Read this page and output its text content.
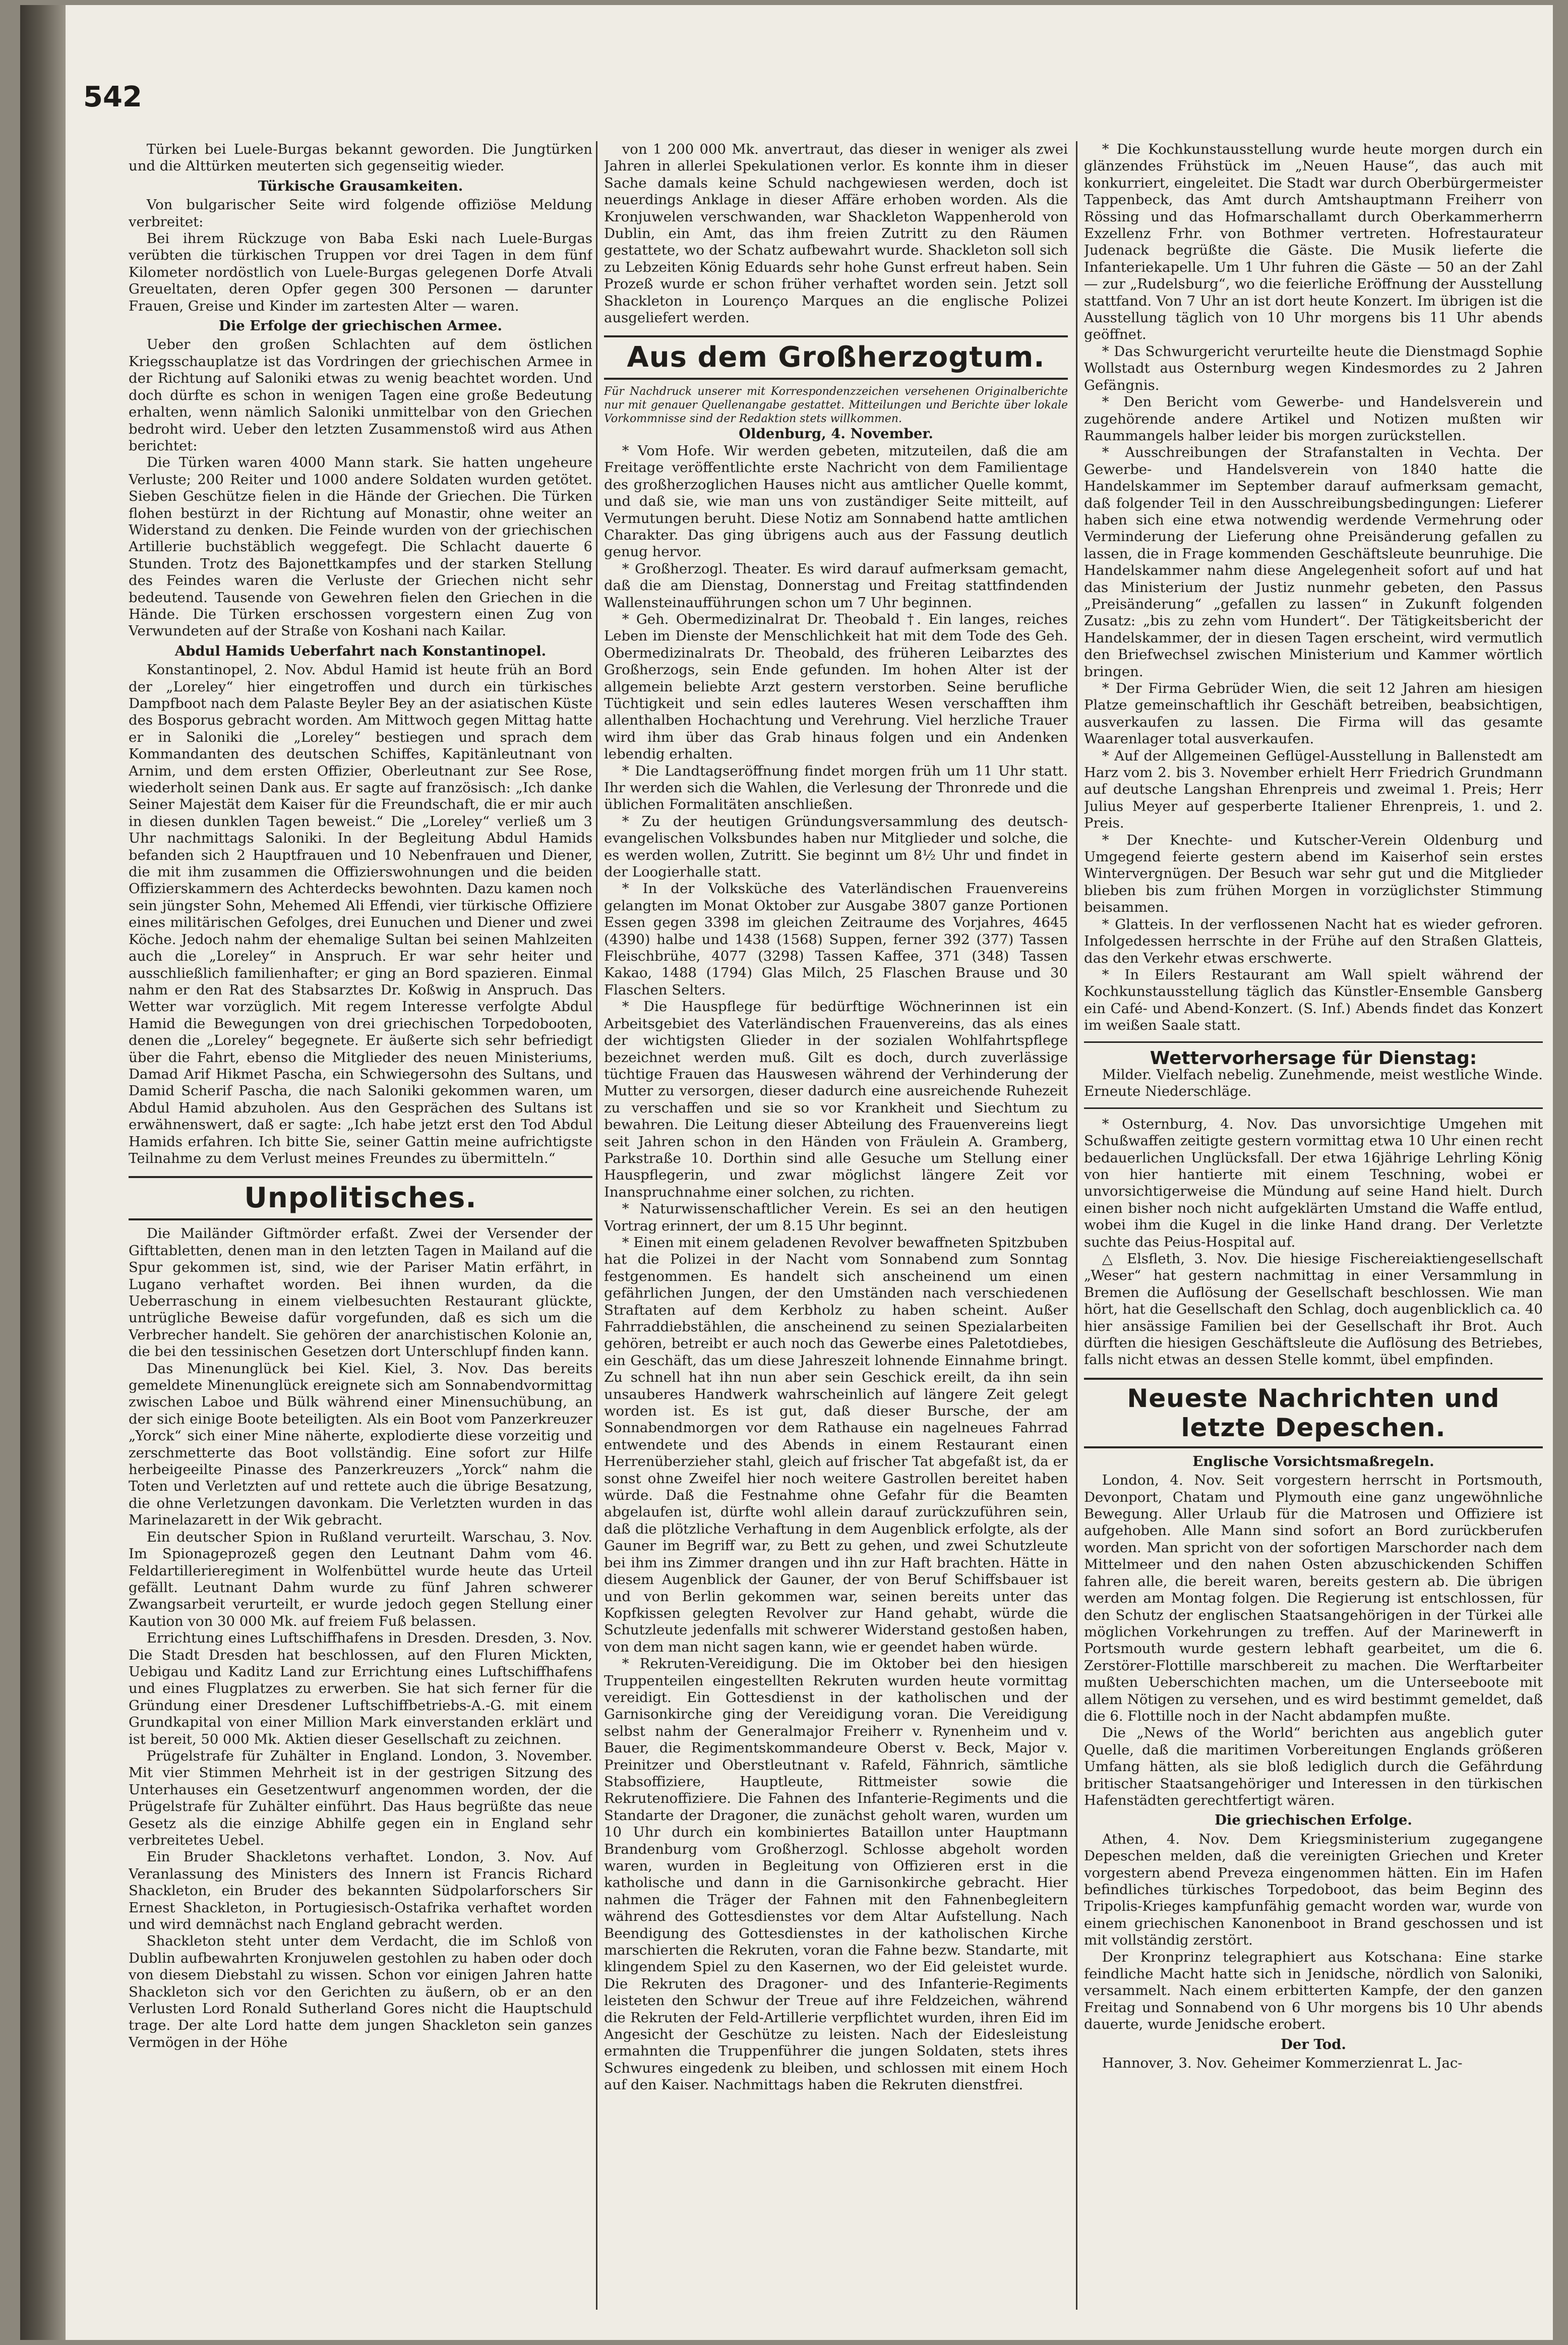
542

Türken bei Luele-Burgas bekannt geworden. Die Jungtürken und die Alttürken meuterten sich gegenseitig wieder.

Türkische Grausamkeiten.

Von bulgarischer Seite wird folgende offiziöse Meldung verbreitet:

Bei ihrem Rückzuge von Baba Eski nach Luele-Burgas verübten die türkischen Truppen vor drei Tagen in dem fünf Kilometer nordöstlich von Luele-Burgas gelegenen Dorfe Atvali Greueltaten, deren Opfer gegen 300 Personen — darunter Frauen, Greise und Kinder im zartesten Alter — waren.

Die Erfolge der griechischen Armee.

Ueber den großen Schlachten auf dem östlichen Kriegsschauplatze ist das Vordringen der griechischen Armee in der Richtung auf Saloniki etwas zu wenig beachtet worden. Und doch dürfte es schon in wenigen Tagen eine große Bedeutung erhalten, wenn nämlich Saloniki unmittelbar von den Griechen bedroht wird. Ueber den letzten Zusammenstoß wird aus Athen berichtet:

Die Türken waren 4000 Mann stark. Sie hatten ungeheure Verluste; 200 Reiter und 1000 andere Soldaten wurden getötet. Sieben Geschütze fielen in die Hände der Griechen. Die Türken flohen bestürzt in der Richtung auf Monastir, ohne weiter an Widerstand zu denken. Die Feinde wurden von der griechischen Artillerie buchstäblich weggefegt. Die Schlacht dauerte 6 Stunden. Trotz des Bajonettkampfes und der starken Stellung des Feindes waren die Verluste der Griechen nicht sehr bedeutend. Tausende von Gewehren fielen den Griechen in die Hände. Die Türken erschossen vorgestern einen Zug von Verwundeten auf der Straße von Koshani nach Kailar.

Abdul Hamids Ueberfahrt nach Konstantinopel.

Konstantinopel, 2. Nov. Abdul Hamid ist heute früh an Bord der „Loreley“ hier eingetroffen und durch ein türkisches Dampfboot nach dem Palaste Beyler Bey an der asiatischen Küste des Bosporus gebracht worden. Am Mittwoch gegen Mittag hatte er in Saloniki die „Loreley“ bestiegen und sprach dem Kommandanten des deutschen Schiffes, Kapitänleutnant von Arnim, und dem ersten Offizier, Oberleutnant zur See Rose, wiederholt seinen Dank aus. Er sagte auf französisch: „Ich danke Seiner Majestät dem Kaiser für die Freundschaft, die er mir auch in diesen dunklen Tagen beweist.“ Die „Loreley“ verließ um 3 Uhr nachmittags Saloniki. In der Begleitung Abdul Hamids befanden sich 2 Hauptfrauen und 10 Nebenfrauen und Diener, die mit ihm zusammen die Offizierswohnungen und die beiden Offizierskammern des Achterdecks bewohnten. Dazu kamen noch sein jüngster Sohn, Mehemed Ali Effendi, vier türkische Offiziere eines militärischen Gefolges, drei Eunuchen und Diener und zwei Köche. Jedoch nahm der ehemalige Sultan bei seinen Mahlzeiten auch die „Loreley“ in Anspruch. Er war sehr heiter und ausschließlich familienhafter; er ging an Bord spazieren. Einmal nahm er den Rat des Stabsarztes Dr. Koßwig in Anspruch. Das Wetter war vorzüglich. Mit regem Interesse verfolgte Abdul Hamid die Bewegungen von drei griechischen Torpedobooten, denen die „Loreley“ begegnete. Er äußerte sich sehr befriedigt über die Fahrt, ebenso die Mitglieder des neuen Ministeriums, Damad Arif Hikmet Pascha, ein Schwiegersohn des Sultans, und Damid Scherif Pascha, die nach Saloniki gekommen waren, um Abdul Hamid abzuholen. Aus den Gesprächen des Sultans ist erwähnenswert, daß er sagte: „Ich habe jetzt erst den Tod Abdul Hamids erfahren. Ich bitte Sie, seiner Gattin meine aufrichtigste Teilnahme zu dem Verlust meines Freundes zu übermitteln.“

Unpolitisches.

Die Mailänder Giftmörder erfaßt. Zwei der Versender der Gifttabletten, denen man in den letzten Tagen in Mailand auf die Spur gekommen ist, sind, wie der Pariser Matin erfährt, in Lugano verhaftet worden. Bei ihnen wurden, da die Ueberraschung in einem vielbesuchten Restaurant glückte, untrügliche Beweise dafür vorgefunden, daß es sich um die Verbrecher handelt. Sie gehören der anarchistischen Kolonie an, die bei den tessinischen Gesetzen dort Unterschlupf finden kann.

Das Minenunglück bei Kiel. Kiel, 3. Nov. Das bereits gemeldete Minenunglück ereignete sich am Sonnabendvormittag zwischen Laboe und Bülk während einer Minensuchübung, an der sich einige Boote beteiligten. Als ein Boot vom Panzerkreuzer „Yorck“ sich einer Mine näherte, explodierte diese vorzeitig und zerschmetterte das Boot vollständig. Eine sofort zur Hilfe herbeigeeilte Pinasse des Panzerkreuzers „Yorck“ nahm die Toten und Verletzten auf und rettete auch die übrige Besatzung, die ohne Verletzungen davonkam. Die Verletzten wurden in das Marinelazarett in der Wik gebracht.

Ein deutscher Spion in Rußland verurteilt. Warschau, 3. Nov. Im Spionageprozeß gegen den Leutnant Dahm vom 46. Feldartillerieregiment in Wolfenbüttel wurde heute das Urteil gefällt. Leutnant Dahm wurde zu fünf Jahren schwerer Zwangsarbeit verurteilt, er wurde jedoch gegen Stellung einer Kaution von 30 000 Mk. auf freiem Fuß belassen.

Errichtung eines Luftschiffhafens in Dresden. Dresden, 3. Nov. Die Stadt Dresden hat beschlossen, auf den Fluren Mickten, Uebigau und Kaditz Land zur Errichtung eines Luftschiffhafens und eines Flugplatzes zu erwerben. Sie hat sich ferner für die Gründung einer Dresdener Luftschiffbetriebs-A.-G. mit einem Grundkapital von einer Million Mark einverstanden erklärt und ist bereit, 50 000 Mk. Aktien dieser Gesellschaft zu zeichnen.

Prügelstrafe für Zuhälter in England. London, 3. November. Mit vier Stimmen Mehrheit ist in der gestrigen Sitzung des Unterhauses ein Gesetzentwurf angenommen worden, der die Prügelstrafe für Zuhälter einführt. Das Haus begrüßte das neue Gesetz als die einzige Abhilfe gegen ein in England sehr verbreitetes Uebel.

Ein Bruder Shackletons verhaftet. London, 3. Nov. Auf Veranlassung des Ministers des Innern ist Francis Richard Shackleton, ein Bruder des bekannten Südpolarforschers Sir Ernest Shackleton, in Portugiesisch-Ostafrika verhaftet worden und wird demnächst nach England gebracht werden.

Shackleton steht unter dem Verdacht, die im Schloß von Dublin aufbewahrten Kronjuwelen gestohlen zu haben oder doch von diesem Diebstahl zu wissen. Schon vor einigen Jahren hatte Shackleton sich vor den Gerichten zu äußern, ob er an den Verlusten Lord Ronald Sutherland Gores nicht die Hauptschuld trage. Der alte Lord hatte dem jungen Shackleton sein ganzes Vermögen in der Höhe

von 1 200 000 Mk. anvertraut, das dieser in weniger als zwei Jahren in allerlei Spekulationen verlor. Es konnte ihm in dieser Sache damals keine Schuld nachgewiesen werden, doch ist neuerdings Anklage in dieser Affäre erhoben worden. Als die Kronjuwelen verschwanden, war Shackleton Wappenherold von Dublin, ein Amt, das ihm freien Zutritt zu den Räumen gestattete, wo der Schatz aufbewahrt wurde. Shackleton soll sich zu Lebzeiten König Eduards sehr hohe Gunst erfreut haben. Sein Prozeß wurde er schon früher verhaftet worden sein. Jetzt soll Shackleton in Lourenço Marques an die englische Polizei ausgeliefert werden.

Aus dem Großherzogtum.

Für Nachdruck unserer mit Korrespondenzzeichen versehenen Originalberichte nur mit genauer Quellenangabe gestattet. Mitteilungen und Berichte über lokale Vorkommnisse sind der Redaktion stets willkommen.

Oldenburg, 4. November.

* Vom Hofe. Wir werden gebeten, mitzuteilen, daß die am Freitage veröffentlichte erste Nachricht von dem Familientage des großherzoglichen Hauses nicht aus amtlicher Quelle kommt, und daß sie, wie man uns von zuständiger Seite mitteilt, auf Vermutungen beruht. Diese Notiz am Sonnabend hatte amtlichen Charakter. Das ging übrigens auch aus der Fassung deutlich genug hervor.

* Großherzogl. Theater. Es wird darauf aufmerksam gemacht, daß die am Dienstag, Donnerstag und Freitag stattfindenden Wallensteinaufführungen schon um 7 Uhr beginnen.

* Geh. Obermedizinalrat Dr. Theobald †. Ein langes, reiches Leben im Dienste der Menschlichkeit hat mit dem Tode des Geh. Obermedizinalrats Dr. Theobald, des früheren Leibarztes des Großherzogs, sein Ende gefunden. Im hohen Alter ist der allgemein beliebte Arzt gestern verstorben. Seine berufliche Tüchtigkeit und sein edles lauteres Wesen verschafften ihm allenthalben Hochachtung und Verehrung. Viel herzliche Trauer wird ihm über das Grab hinaus folgen und ein Andenken lebendig erhalten.

* Die Landtagseröffnung findet morgen früh um 11 Uhr statt. Ihr werden sich die Wahlen, die Verlesung der Thronrede und die üblichen Formalitäten anschließen.

* Zu der heutigen Gründungsversammlung des deutsch-evangelischen Volksbundes haben nur Mitglieder und solche, die es werden wollen, Zutritt. Sie beginnt um 8½ Uhr und findet in der Loogierhalle statt.

* In der Volksküche des Vaterländischen Frauenvereins gelangten im Monat Oktober zur Ausgabe 3807 ganze Portionen Essen gegen 3398 im gleichen Zeitraume des Vorjahres, 4645 (4390) halbe und 1438 (1568) Suppen, ferner 392 (377) Tassen Fleischbrühe, 4077 (3298) Tassen Kaffee, 371 (348) Tassen Kakao, 1488 (1794) Glas Milch, 25 Flaschen Brause und 30 Flaschen Selters.

* Die Hauspflege für bedürftige Wöchnerinnen ist ein Arbeitsgebiet des Vaterländischen Frauenvereins, das als eines der wichtigsten Glieder in der sozialen Wohlfahrtspflege bezeichnet werden muß. Gilt es doch, durch zuverlässige tüchtige Frauen das Hauswesen während der Verhinderung der Mutter zu versorgen, dieser dadurch eine ausreichende Ruhezeit zu verschaffen und sie so vor Krankheit und Siechtum zu bewahren. Die Leitung dieser Abteilung des Frauenvereins liegt seit Jahren schon in den Händen von Fräulein A. Gramberg, Parkstraße 10. Dorthin sind alle Gesuche um Stellung einer Hauspflegerin, und zwar möglichst längere Zeit vor Inanspruchnahme einer solchen, zu richten.

* Naturwissenschaftlicher Verein. Es sei an den heutigen Vortrag erinnert, der um 8.15 Uhr beginnt.

* Einen mit einem geladenen Revolver bewaffneten Spitzbuben hat die Polizei in der Nacht vom Sonnabend zum Sonntag festgenommen. Es handelt sich anscheinend um einen gefährlichen Jungen, der den Umständen nach verschiedenen Straftaten auf dem Kerbholz zu haben scheint. Außer Fahrraddiebstählen, die anscheinend zu seinen Spezialarbeiten gehören, betreibt er auch noch das Gewerbe eines Paletotdiebes, ein Geschäft, das um diese Jahreszeit lohnende Einnahme bringt. Zu schnell hat ihn nun aber sein Geschick ereilt, da ihn sein unsauberes Handwerk wahrscheinlich auf längere Zeit gelegt worden ist. Es ist gut, daß dieser Bursche, der am Sonnabendmorgen vor dem Rathause ein nagelneues Fahrrad entwendete und des Abends in einem Restaurant einen Herrenüberzieher stahl, gleich auf frischer Tat abgefaßt ist, da er sonst ohne Zweifel hier noch weitere Gastrollen bereitet haben würde. Daß die Festnahme ohne Gefahr für die Beamten abgelaufen ist, dürfte wohl allein darauf zurückzuführen sein, daß die plötzliche Verhaftung in dem Augenblick erfolgte, als der Gauner im Begriff war, zu Bett zu gehen, und zwei Schutzleute bei ihm ins Zimmer drangen und ihn zur Haft brachten. Hätte in diesem Augenblick der Gauner, der von Beruf Schiffsbauer ist und von Berlin gekommen war, seinen bereits unter das Kopfkissen gelegten Revolver zur Hand gehabt, würde die Schutzleute jedenfalls mit schwerer Widerstand gestoßen haben, von dem man nicht sagen kann, wie er geendet haben würde.

* Rekruten-Vereidigung. Die im Oktober bei den hiesigen Truppenteilen eingestellten Rekruten wurden heute vormittag vereidigt. Ein Gottesdienst in der katholischen und der Garnisonkirche ging der Vereidigung voran. Die Vereidigung selbst nahm der Generalmajor Freiherr v. Rynenheim und v. Bauer, die Regimentskommandeure Oberst v. Beck, Major v. Preinitzer und Oberstleutnant v. Rafeld, Fähnrich, sämtliche Stabsoffiziere, Hauptleute, Rittmeister sowie die Rekrutenoffiziere. Die Fahnen des Infanterie-Regiments und die Standarte der Dragoner, die zunächst geholt waren, wurden um 10 Uhr durch ein kombiniertes Bataillon unter Hauptmann Brandenburg vom Großherzogl. Schlosse abgeholt worden waren, wurden in Begleitung von Offizieren erst in die katholische und dann in die Garnisonkirche gebracht. Hier nahmen die Träger der Fahnen mit den Fahnenbegleitern während des Gottesdienstes vor dem Altar Aufstellung. Nach Beendigung des Gottesdienstes in der katholischen Kirche marschierten die Rekruten, voran die Fahne bezw. Standarte, mit klingendem Spiel zu den Kasernen, wo der Eid geleistet wurde. Die Rekruten des Dragoner- und des Infanterie-Regiments leisteten den Schwur der Treue auf ihre Feldzeichen, während die Rekruten der Feld-Artillerie verpflichtet wurden, ihren Eid im Angesicht der Geschütze zu leisten. Nach der Eidesleistung ermahnten die Truppenführer die jungen Soldaten, stets ihres Schwures eingedenk zu bleiben, und schlossen mit einem Hoch auf den Kaiser. Nachmittags haben die Rekruten dienstfrei.

* Die Kochkunstausstellung wurde heute morgen durch ein glänzendes Frühstück im „Neuen Hause“, das auch mit konkurriert, eingeleitet. Die Stadt war durch Oberbürgermeister Tappenbeck, das Amt durch Amtshauptmann Freiherr von Rössing und das Hofmarschallamt durch Oberkammerherrn Exzellenz Frhr. von Bothmer vertreten. Hofrestaurateur Judenack begrüßte die Gäste. Die Musik lieferte die Infanteriekapelle. Um 1 Uhr fuhren die Gäste — 50 an der Zahl — zur „Rudelsburg“, wo die feierliche Eröffnung der Ausstellung stattfand. Von 7 Uhr an ist dort heute Konzert. Im übrigen ist die Ausstellung täglich von 10 Uhr morgens bis 11 Uhr abends geöffnet.

* Das Schwurgericht verurteilte heute die Dienstmagd Sophie Wollstadt aus Osternburg wegen Kindesmordes zu 2 Jahren Gefängnis.

* Den Bericht vom Gewerbe- und Handelsverein und zugehörende andere Artikel und Notizen mußten wir Raummangels halber leider bis morgen zurückstellen.

* Ausschreibungen der Strafanstalten in Vechta. Der Gewerbe- und Handelsverein von 1840 hatte die Handelskammer im September darauf aufmerksam gemacht, daß folgender Teil in den Ausschreibungsbedingungen: Lieferer haben sich eine etwa notwendig werdende Vermehrung oder Verminderung der Lieferung ohne Preisänderung gefallen zu lassen, die in Frage kommenden Geschäftsleute beunruhige. Die Handelskammer nahm diese Angelegenheit sofort auf und hat das Ministerium der Justiz nunmehr gebeten, den Passus „Preisänderung“ „gefallen zu lassen“ in Zukunft folgenden Zusatz: „bis zu zehn vom Hundert“. Der Tätigkeitsbericht der Handelskammer, der in diesen Tagen erscheint, wird vermutlich den Briefwechsel zwischen Ministerium und Kammer wörtlich bringen.

* Der Firma Gebrüder Wien, die seit 12 Jahren am hiesigen Platze gemeinschaftlich ihr Geschäft betreiben, beabsichtigen, ausverkaufen zu lassen. Die Firma will das gesamte Waarenlager total ausverkaufen.

* Auf der Allgemeinen Geflügel-Ausstellung in Ballenstedt am Harz vom 2. bis 3. November erhielt Herr Friedrich Grundmann auf deutsche Langshan Ehrenpreis und zweimal 1. Preis; Herr Julius Meyer auf gesperberte Italiener Ehrenpreis, 1. und 2. Preis.

* Der Knechte- und Kutscher-Verein Oldenburg und Umgegend feierte gestern abend im Kaiserhof sein erstes Wintervergnügen. Der Besuch war sehr gut und die Mitglieder blieben bis zum frühen Morgen in vorzüglichster Stimmung beisammen.

* Glatteis. In der verflossenen Nacht hat es wieder gefroren. Infolgedessen herrschte in der Frühe auf den Straßen Glatteis, das den Verkehr etwas erschwerte.

* In Eilers Restaurant am Wall spielt während der Kochkunstausstellung täglich das Künstler-Ensemble Gansberg ein Café- und Abend-Konzert. (S. Inf.) Abends findet das Konzert im weißen Saale statt.

Wettervorhersage für Dienstag:

Milder. Vielfach nebelig. Zunehmende, meist westliche Winde. Erneute Niederschläge.

* Osternburg, 4. Nov. Das unvorsichtige Umgehen mit Schußwaffen zeitigte gestern vormittag etwa 10 Uhr einen recht bedauerlichen Unglücksfall. Der etwa 16jährige Lehrling König von hier hantierte mit einem Teschning, wobei er unvorsichtigerweise die Mündung auf seine Hand hielt. Durch einen bisher noch nicht aufgeklärten Umstand die Waffe entlud, wobei ihm die Kugel in die linke Hand drang. Der Verletzte suchte das Peius-Hospital auf.

△ Elsfleth, 3. Nov. Die hiesige Fischereiaktiengesellschaft „Weser“ hat gestern nachmittag in einer Versammlung in Bremen die Auflösung der Gesellschaft beschlossen. Wie man hört, hat die Gesellschaft den Schlag, doch augenblicklich ca. 40 hier ansässige Familien bei der Gesellschaft ihr Brot. Auch dürften die hiesigen Geschäftsleute die Auflösung des Betriebes, falls nicht etwas an dessen Stelle kommt, übel empfinden.

Neueste Nachrichten und letzte Depeschen.

Englische Vorsichtsmaßregeln.

London, 4. Nov. Seit vorgestern herrscht in Portsmouth, Devonport, Chatam und Plymouth eine ganz ungewöhnliche Bewegung. Aller Urlaub für die Matrosen und Offiziere ist aufgehoben. Alle Mann sind sofort an Bord zurückberufen worden. Man spricht von der sofortigen Marschorder nach dem Mittelmeer und den nahen Osten abzuschickenden Schiffen fahren alle, die bereit waren, bereits gestern ab. Die übrigen werden am Montag folgen. Die Regierung ist entschlossen, für den Schutz der englischen Staatsangehörigen in der Türkei alle möglichen Vorkehrungen zu treffen. Auf der Marinewerft in Portsmouth wurde gestern lebhaft gearbeitet, um die 6. Zerstörer-Flottille marschbereit zu machen. Die Werftarbeiter mußten Ueberschichten machen, um die Unterseeboote mit allem Nötigen zu versehen, und es wird bestimmt gemeldet, daß die 6. Flottille noch in der Nacht abdampfen mußte.

Die „News of the World“ berichten aus angeblich guter Quelle, daß die maritimen Vorbereitungen Englands größeren Umfang hätten, als sie bloß lediglich durch die Gefährdung britischer Staatsangehöriger und Interessen in den türkischen Hafenstädten gerechtfertigt wären.

Die griechischen Erfolge.

Athen, 4. Nov. Dem Kriegsministerium zugegangene Depeschen melden, daß die vereinigten Griechen und Kreter vorgestern abend Preveza eingenommen hätten. Ein im Hafen befindliches türkisches Torpedoboot, das beim Beginn des Tripolis-Krieges kampfunfähig gemacht worden war, wurde von einem griechischen Kanonenboot in Brand geschossen und ist mit vollständig zerstört.

Der Kronprinz telegraphiert aus Kotschana: Eine starke feindliche Macht hatte sich in Jenidsche, nördlich von Saloniki, versammelt. Nach einem erbitterten Kampfe, der den ganzen Freitag und Sonnabend von 6 Uhr morgens bis 10 Uhr abends dauerte, wurde Jenidsche erobert.

Der Tod.

Hannover, 3. Nov. Geheimer Kommerzienrat L. Jac-
